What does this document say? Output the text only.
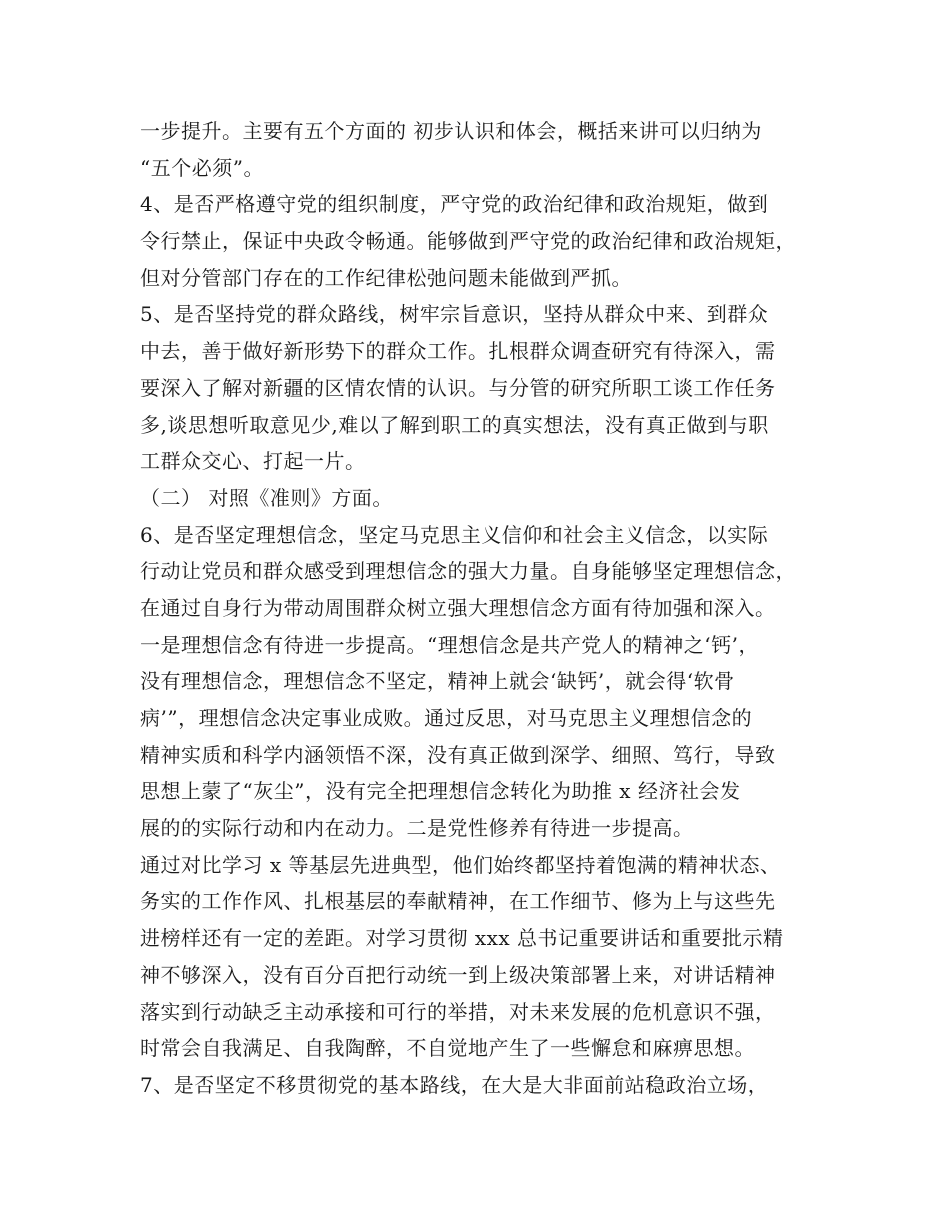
一步提升。主要有五个方面的 初步认识和体会，概括来讲可以归纳为
“五个必须”。
4、是否严格遵守党的组织制度，严守党的政治纪律和政治规矩，做到
令行禁止，保证中央政令畅通。能够做到严守党的政治纪律和政治规矩，
但对分管部门存在的工作纪律松弛问题未能做到严抓。
5、是否坚持党的群众路线，树牢宗旨意识，坚持从群众中来、到群众
中去，善于做好新形势下的群众工作。扎根群众调查研究有待深入，需
要深入了解对新疆的区情农情的认识。与分管的研究所职工谈工作任务
多,谈思想听取意见少,难以了解到职工的真实想法，没有真正做到与职
工群众交心、打起一片。
（二） 对照《准则》方面。
6、是否坚定理想信念，坚定马克思主义信仰和社会主义信念，以实际
行动让党员和群众感受到理想信念的强大力量。自身能够坚定理想信念，
在通过自身行为带动周围群众树立强大理想信念方面有待加强和深入。
一是理想信念有待进一步提高。“理想信念是共产党人的精神之‘钙’，
没有理想信念，理想信念不坚定，精神上就会‘缺钙’，就会得‘软骨
病’”，理想信念决定事业成败。通过反思，对马克思主义理想信念的
精神实质和科学内涵领悟不深，没有真正做到深学、细照、笃行，导致
思想上蒙了“灰尘”，没有完全把理想信念转化为助推 x 经济社会发
展的的实际行动和内在动力。二是党性修养有待进一步提高。
通过对比学习 x 等基层先进典型，他们始终都坚持着饱满的精神状态、
务实的工作作风、扎根基层的奉献精神，在工作细节、修为上与这些先
进榜样还有一定的差距。对学习贯彻 xxx 总书记重要讲话和重要批示精
神不够深入，没有百分百把行动统一到上级决策部署上来，对讲话精神
落实到行动缺乏主动承接和可行的举措，对未来发展的危机意识不强，
时常会自我满足、自我陶醉，不自觉地产生了一些懈怠和麻痹思想。
7、是否坚定不移贯彻党的基本路线，在大是大非面前站稳政治立场，
